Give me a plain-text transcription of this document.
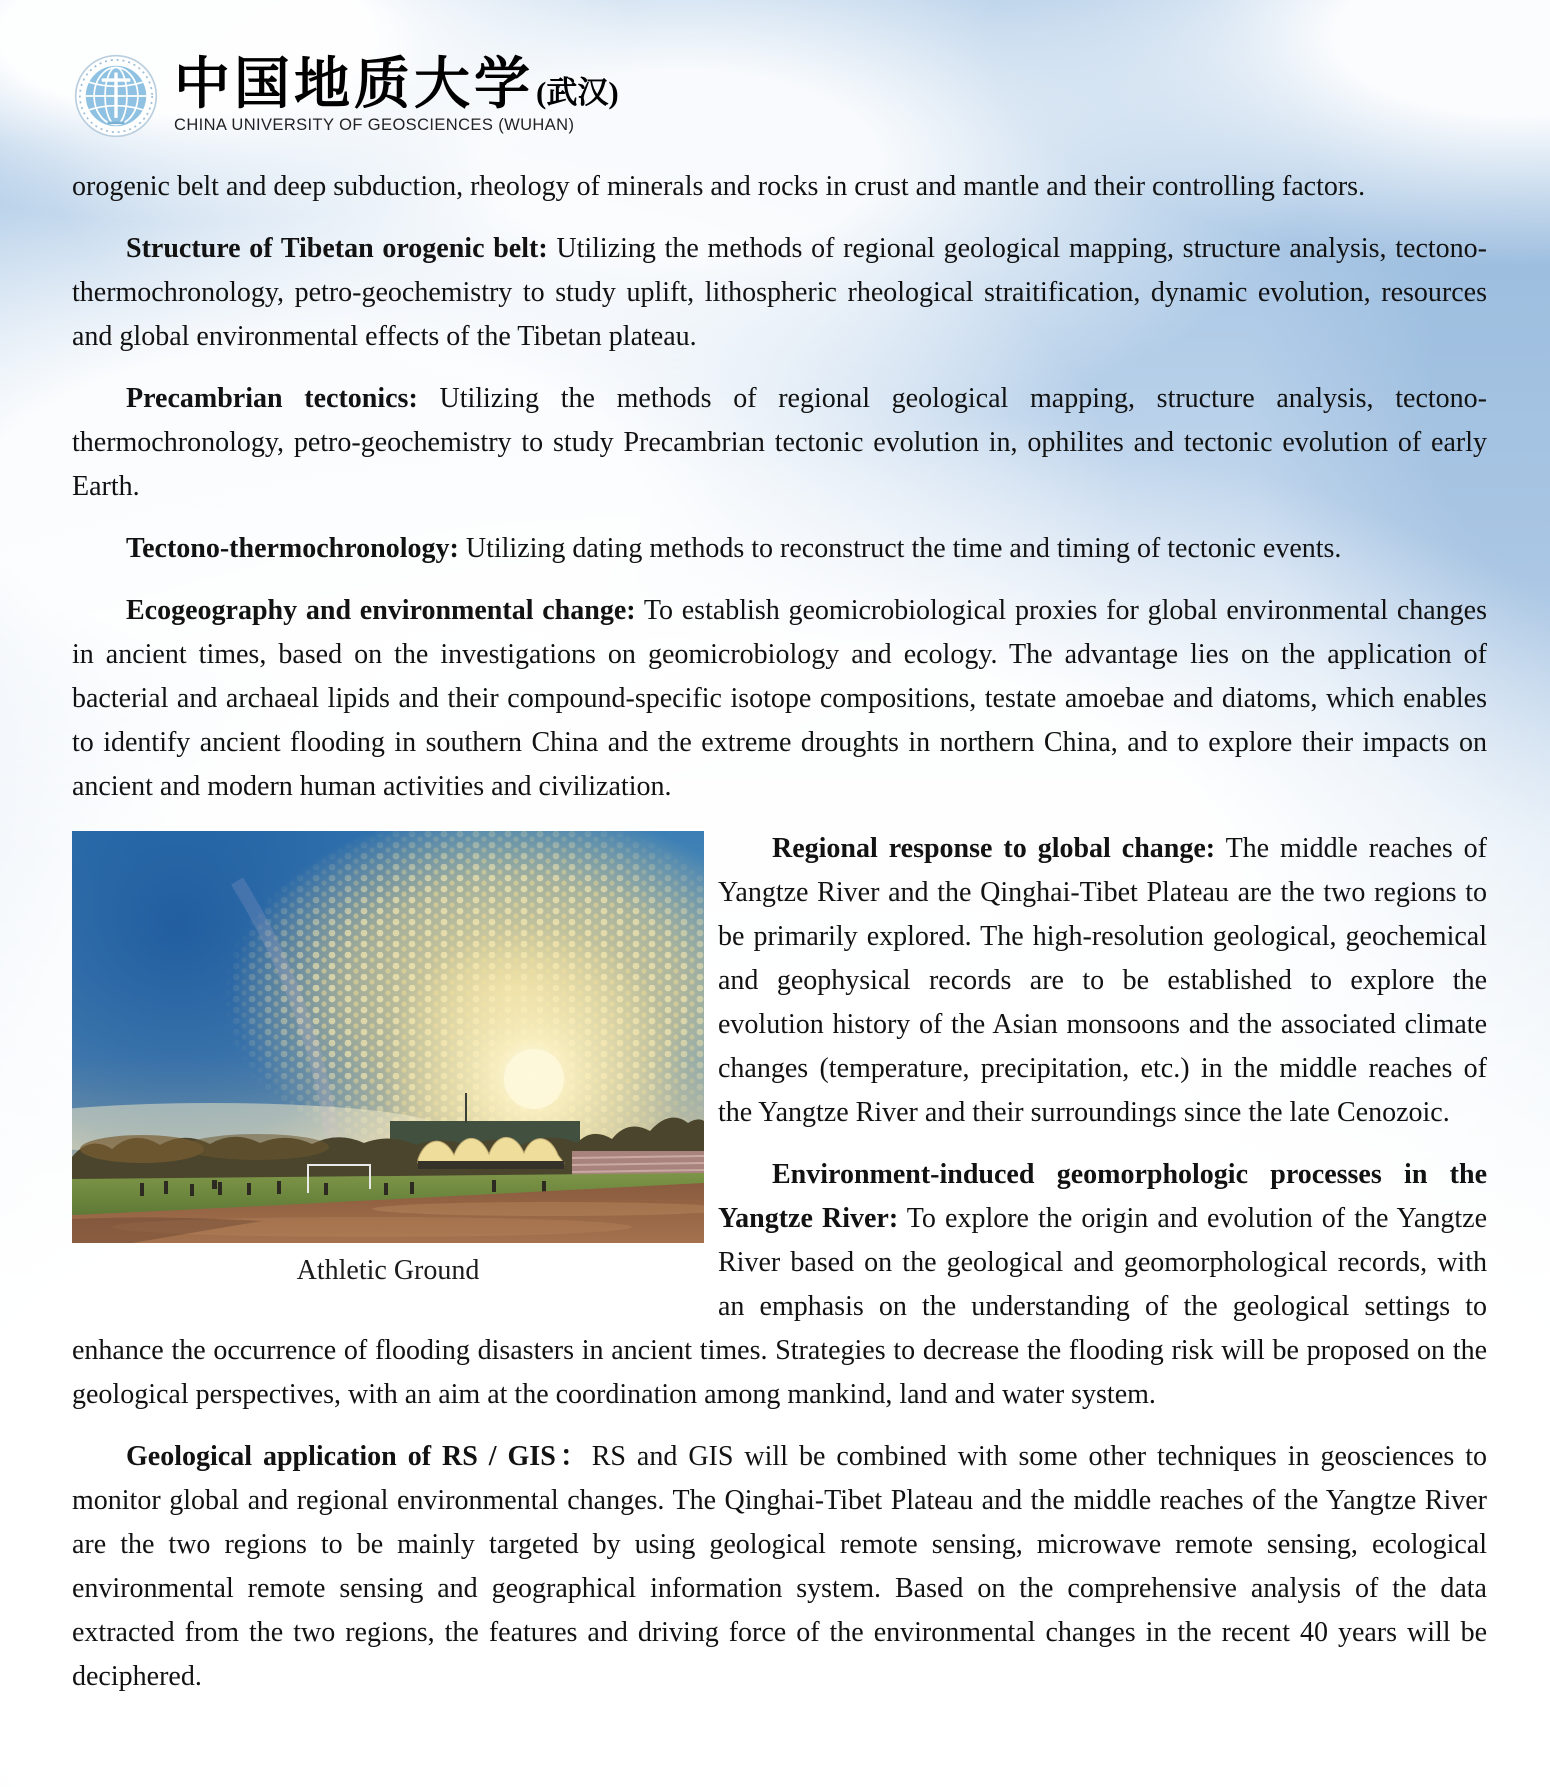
中国地质大学 (武汉)
CHINA UNIVERSITY OF GEOSCIENCES (WUHAN)
orogenic belt and deep subduction, rheology of minerals and rocks in crust and mantle and their controlling factors.
Structure of Tibetan orogenic belt: Utilizing the methods of regional geological mapping, structure analysis, tectono-thermochronology, petro-geochemistry to study uplift, lithospheric rheological straitification, dynamic evolution, resources and global environmental effects of the Tibetan plateau.
Precambrian tectonics: Utilizing the methods of regional geological mapping, structure analysis, tectono-thermochronology, petro-geochemistry to study Precambrian tectonic evolution in, ophilites and tectonic evolution of early Earth.
Tectono-thermochronology: Utilizing dating methods to reconstruct the time and timing of tectonic events.
Ecogeography and environmental change: To establish geomicrobiological proxies for global environmental changes in ancient times, based on the investigations on geomicrobiology and ecology. The advantage lies on the application of bacterial and archaeal lipids and their compound-specific isotope compositions, testate amoebae and diatoms, which enables to identify ancient flooding in southern China and the extreme droughts in northern China, and to explore their impacts on ancient and modern human activities and civilization.
Athletic Ground
Regional response to global change: The middle reaches of Yangtze River and the Qinghai-Tibet Plateau are the two regions to be primarily explored. The high-resolution geological, geochemical and geophysical records are to be established to explore the evolution history of the Asian monsoons and the associated climate changes (temperature, precipitation, etc.) in the middle reaches of the Yangtze River and their surroundings since the late Cenozoic.
Environment-induced geomorphologic processes in the Yangtze River: To explore the origin and evolution of the Yangtze River based on the geological and geomorphological records, with an emphasis on the understanding of the geological settings to enhance the occurrence of flooding disasters in ancient times. Strategies to decrease the flooding risk will be proposed on the geological perspectives, with an aim at the coordination among mankind, land and water system.
Geological application of RS / GIS：RS and GIS will be combined with some other techniques in geosciences to monitor global and regional environmental changes. The Qinghai-Tibet Plateau and the middle reaches of the Yangtze River are the two regions to be mainly targeted by using geological remote sensing, microwave remote sensing, ecological environmental remote sensing and geographical information system. Based on the comprehensive analysis of the data extracted from the two regions, the features and driving force of the environmental changes in the recent 40 years will be deciphered.
